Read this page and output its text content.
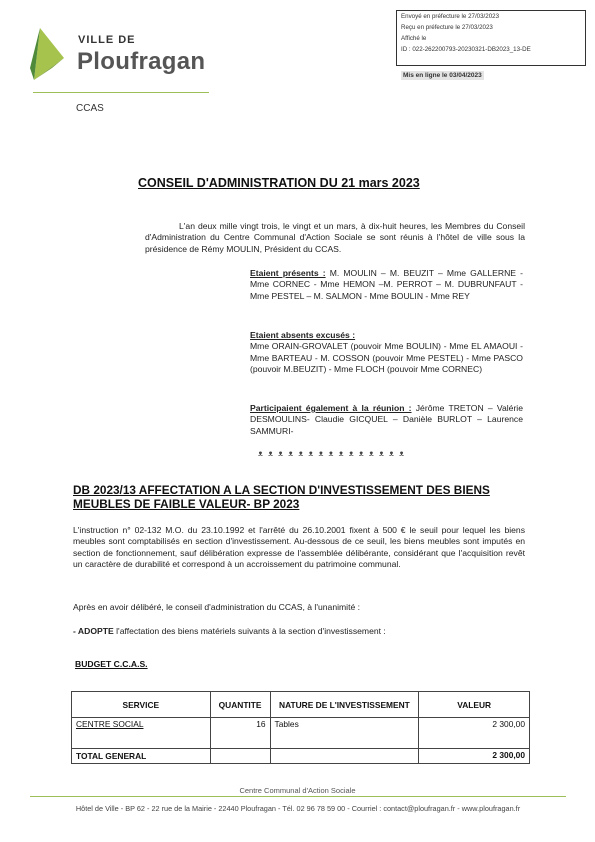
VILLE DE
Ploufragan
CCAS
Envoyé en préfecture le 27/03/2023
Reçu en préfecture le 27/03/2023
Affiché le
ID : 022-262200793-20230321-DB2023_13-DE
Mis en ligne le 03/04/2023
CONSEIL D'ADMINISTRATION DU 21 mars 2023
L'an deux mille vingt trois, le vingt et un mars, à dix-huit heures, les Membres du Conseil d'Administration du Centre Communal d'Action Sociale se sont réunis à l'hôtel de ville sous la présidence de Rémy MOULIN, Président du CCAS.
Etaient présents : M. MOULIN – M. BEUZIT – Mme GALLERNE - Mme CORNEC - Mme HEMON –M. PERROT – M. DUBRUNFAUT - Mme PESTEL – M. SALMON - Mme BOULIN - Mme REY
Etaient absents excusés :
Mme ORAIN-GROVALET (pouvoir Mme BOULIN) - Mme EL AMAOUI - Mme BARTEAU - M. COSSON (pouvoir Mme PESTEL) - Mme PASCO (pouvoir M.BEUZIT) - Mme FLOCH (pouvoir Mme CORNEC)
Participaient également à la réunion : Jérôme TRETON – Valérie DESMOULINS- Claudie GICQUEL – Danièle BURLOT – Laurence SAMMURI-
ᴥ ᴥ ᴥ ᴥ ᴥ ᴥ ᴥ ᴥ ᴥ ᴥ ᴥ ᴥ ᴥ ᴥ ᴥ
DB 2023/13 AFFECTATION A LA SECTION D'INVESTISSEMENT DES BIENS MEUBLES DE FAIBLE VALEUR- BP 2023
L'instruction n° 02-132 M.O. du 23.10.1992 et l'arrêté du 26.10.2001 fixent à 500 € le seuil pour lequel les biens meubles sont comptabilisés en section d'investissement. Au-dessous de ce seuil, les biens meubles sont imputés en section de fonctionnement, sauf délibération expresse de l'assemblée délibérante, considérant que l'acquisition revêt un caractère de durabilité et correspond à un accroissement du patrimoine communal.
Après en avoir délibéré, le conseil d'administration du CCAS, à l'unanimité :
- ADOPTE l'affectation des biens matériels suivants à la section d'investissement :
BUDGET C.C.A.S.
SERVICE	QUANTITE	NATURE DE L'INVESTISSEMENT	VALEUR
CENTRE SOCIAL	16	Tables	2 300,00
TOTAL GENERAL			2 300,00
Centre Communal d'Action Sociale
Hôtel de Ville - BP 62 - 22 rue de la Mairie - 22440 Ploufragan - Tél. 02 96 78 59 00 - Courriel : contact@ploufragan.fr - www.ploufragan.fr
